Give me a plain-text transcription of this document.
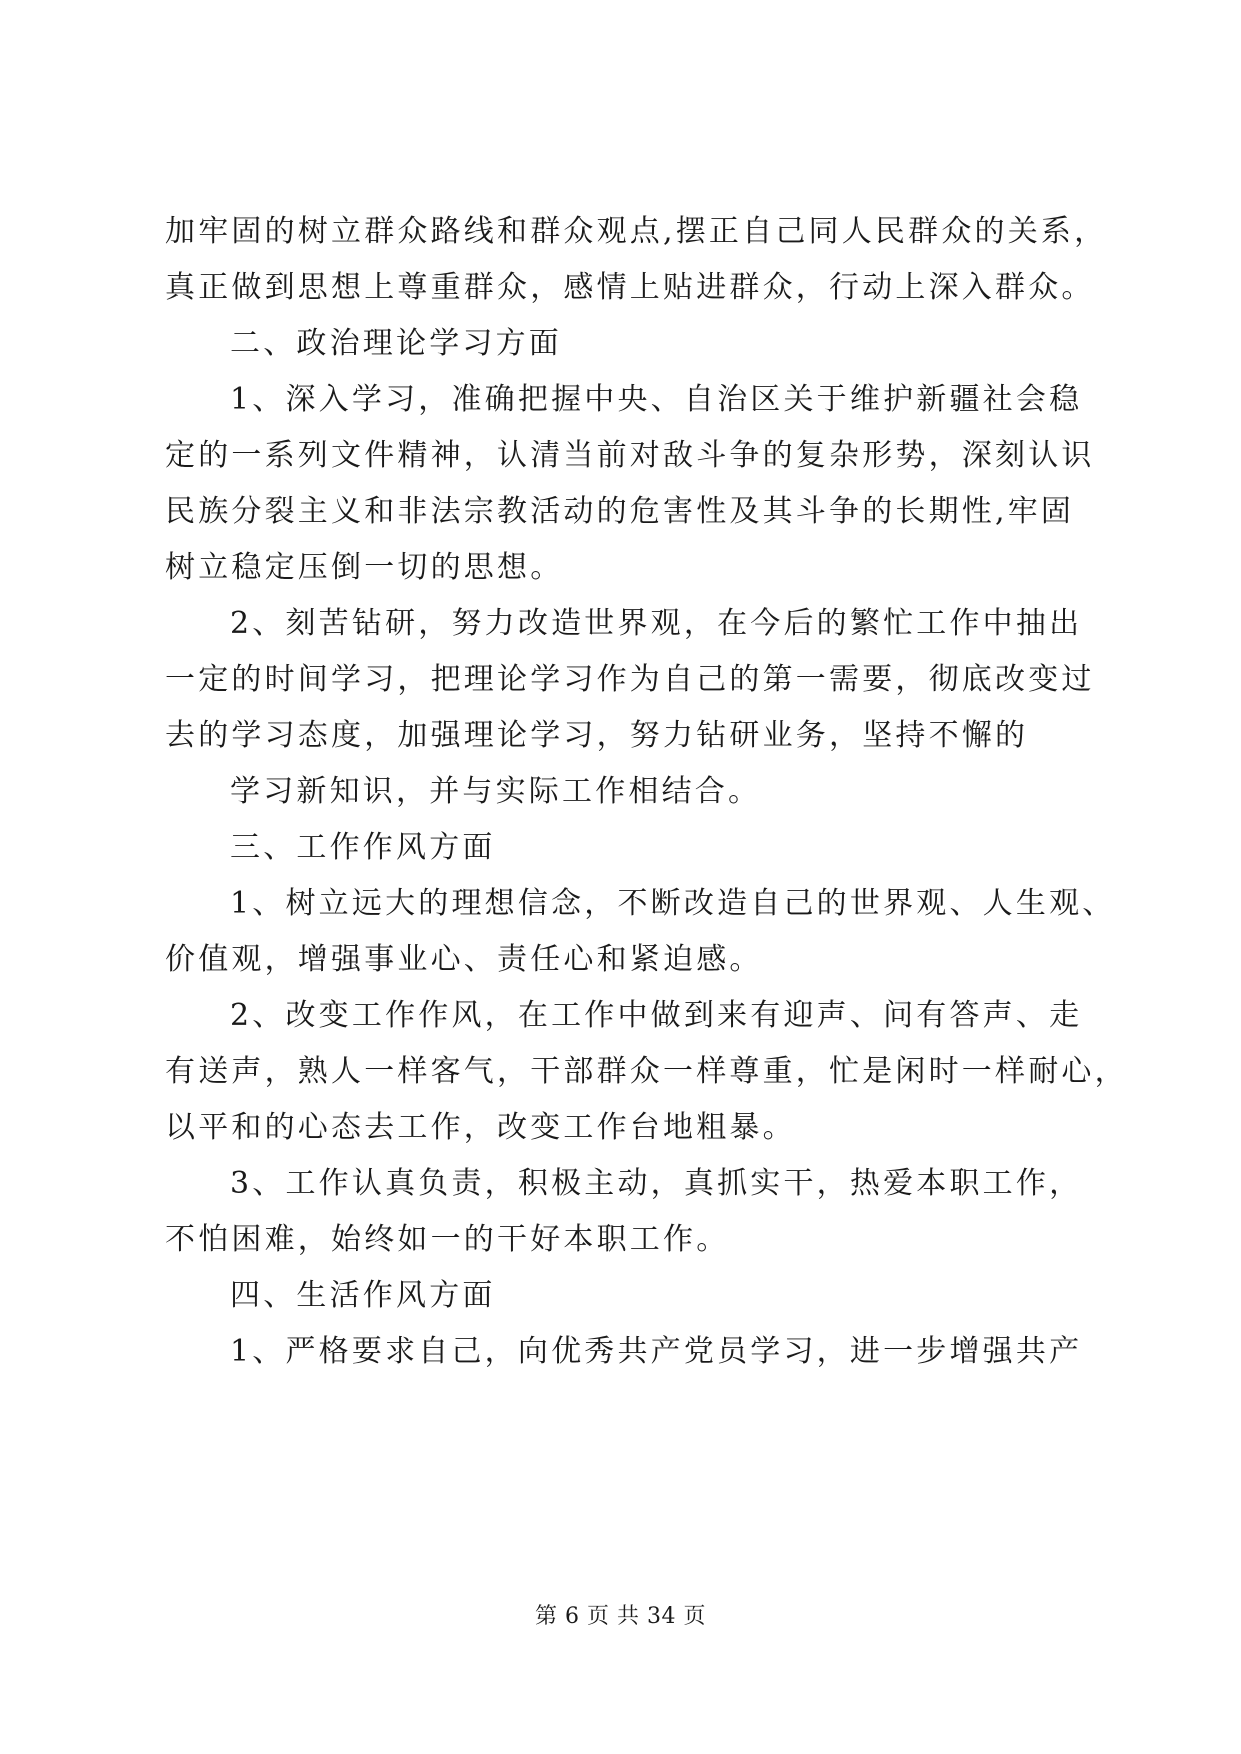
加牢固的树立群众路线和群众观点,摆正自己同人民群众的关系，
真正做到思想上尊重群众，感情上贴进群众，行动上深入群众。
二、政治理论学习方面
1、深入学习，准确把握中央、自治区关于维护新疆社会稳
定的一系列文件精神，认清当前对敌斗争的复杂形势，深刻认识
民族分裂主义和非法宗教活动的危害性及其斗争的长期性,牢固
树立稳定压倒一切的思想。
2、刻苦钻研，努力改造世界观，在今后的繁忙工作中抽出
一定的时间学习，把理论学习作为自己的第一需要，彻底改变过
去的学习态度，加强理论学习，努力钻研业务，坚持不懈的
学习新知识，并与实际工作相结合。
三、工作作风方面
1、树立远大的理想信念，不断改造自己的世界观、人生观、
价值观，增强事业心、责任心和紧迫感。
2、改变工作作风，在工作中做到来有迎声、问有答声、走
有送声，熟人一样客气，干部群众一样尊重，忙是闲时一样耐心，
以平和的心态去工作，改变工作台地粗暴。
3、工作认真负责，积极主动，真抓实干，热爱本职工作，
不怕困难，始终如一的干好本职工作。
四、生活作风方面
1、严格要求自己，向优秀共产党员学习，进一步增强共产
第 6 页 共 34 页
